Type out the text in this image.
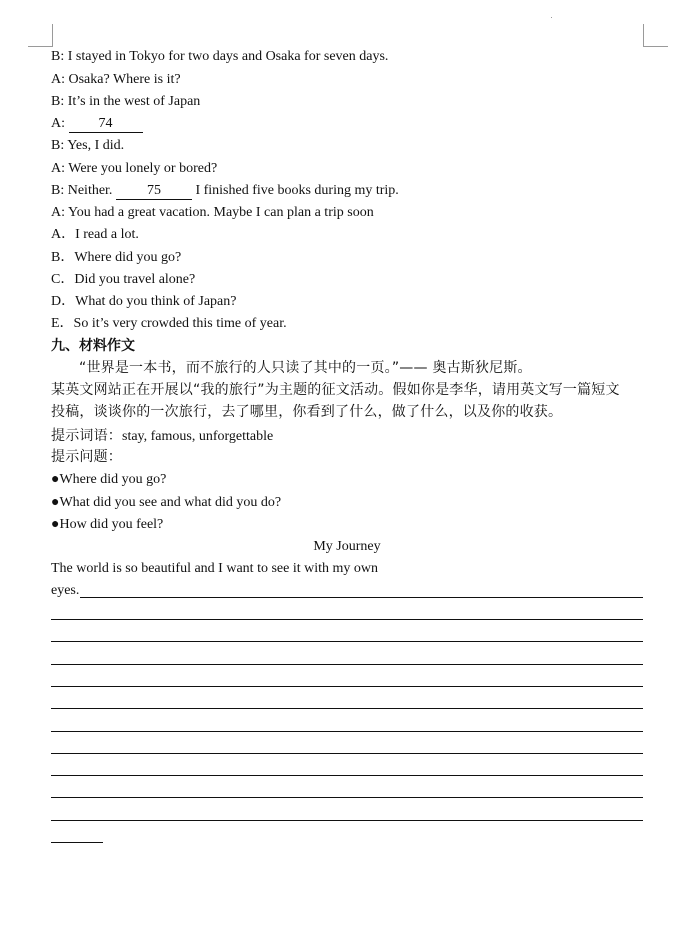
B: I stayed in Tokyo for two days and Osaka for seven days.
A: Osaka? Where is it?
B: It’s in the west of Japan
A: 74
B: Yes, I did.
A: Were you lonely or bored?
B: Neither. 75 I finished five books during my trip.
A: You had a great vacation. Maybe I can plan a trip soon
A．I read a lot.
B．Where did you go?
C．Did you travel alone?
D．What do you think of Japan?
E．So it’s very crowded this time of year.
九、材料作文
“世界是一本书，而不旅行的人只读了其中的一页。”—— 奥古斯狄尼斯。
某英文网站正在开展以“我的旅行”为主题的征文活动。假如你是李华，请用英文写一篇短文
投稿，谈谈你的一次旅行，去了哪里，你看到了什么，做了什么，以及你的收获。
提示词语：stay, famous, unforgettable
提示问题：
●Where did you go?
●What did you see and what did you do?
●How did you feel?
My Journey
The world is so beautiful and I want to see it with my own
eyes.
